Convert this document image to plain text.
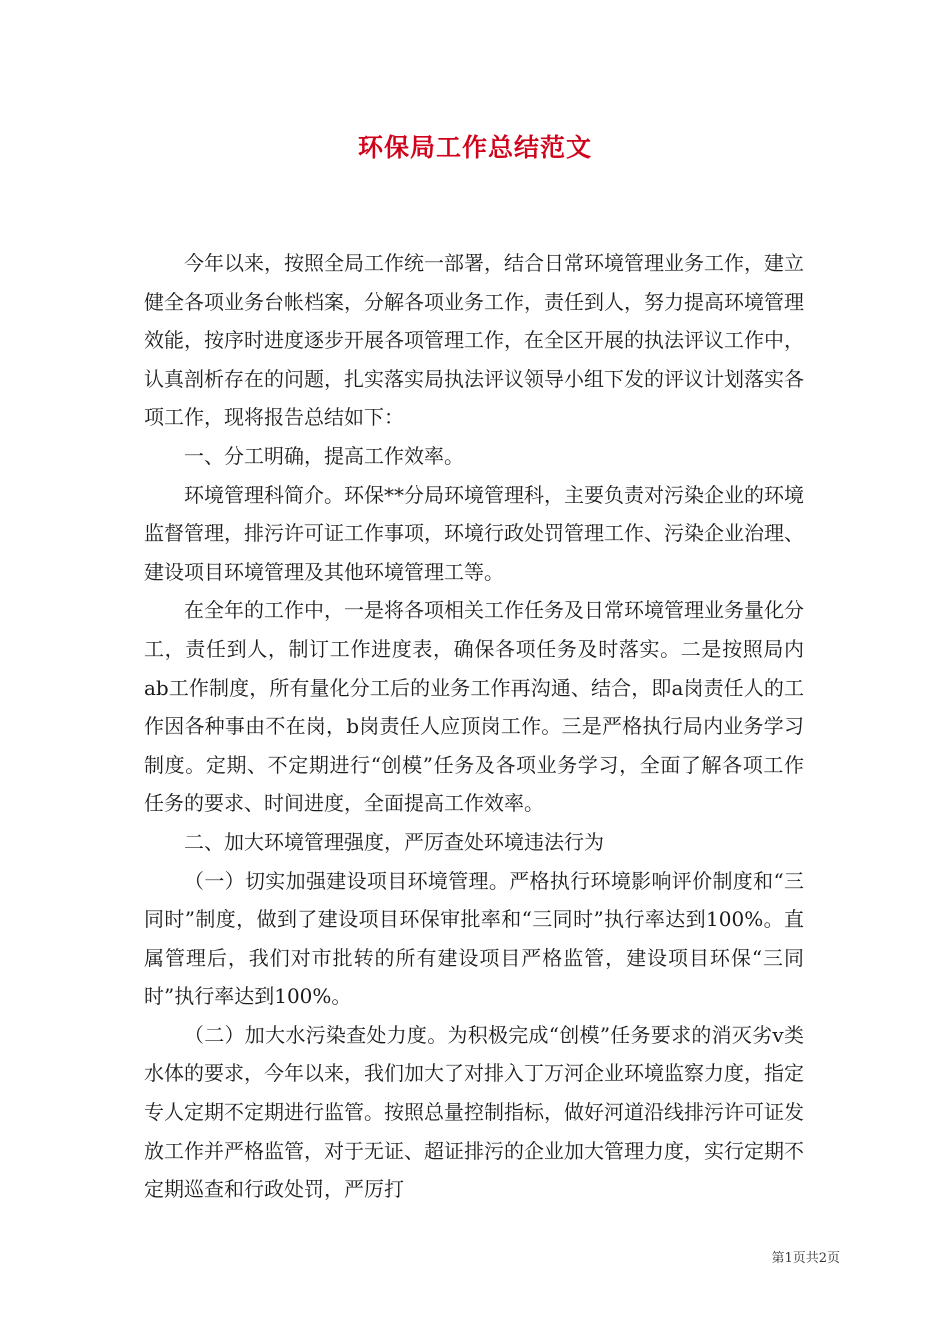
环保局工作总结范文

今年以来，按照全局工作统一部署，结合日常环境管理业务工作，建立健全各项业务台帐档案，分解各项业务工作，责任到人，努力提高环境管理效能，按序时进度逐步开展各项管理工作，在全区开展的执法评议工作中，认真剖析存在的问题，扎实落实局执法评议领导小组下发的评议计划落实各项工作，现将报告总结如下：

一、分工明确，提高工作效率。

环境管理科简介。环保**分局环境管理科，主要负责对污染企业的环境监督管理，排污许可证工作事项，环境行政处罚管理工作、污染企业治理、建设项目环境管理及其他环境管理工等。

在全年的工作中，一是将各项相关工作任务及日常环境管理业务量化分工，责任到人，制订工作进度表，确保各项任务及时落实。二是按照局内ab工作制度，所有量化分工后的业务工作再沟通、结合，即a岗责任人的工作因各种事由不在岗，b岗责任人应顶岗工作。三是严格执行局内业务学习制度。定期、不定期进行“创模”任务及各项业务学习，全面了解各项工作任务的要求、时间进度，全面提高工作效率。

二、加大环境管理强度，严厉查处环境违法行为

（一）切实加强建设项目环境管理。严格执行环境影响评价制度和“三同时”制度，做到了建设项目环保审批率和“三同时”执行率达到100%。直属管理后，我们对市批转的所有建设项目严格监管，建设项目环保“三同时”执行率达到100%。

（二）加大水污染查处力度。为积极完成“创模”任务要求的消灭劣v类水体的要求，今年以来，我们加大了对排入丁万河企业环境监察力度，指定专人定期不定期进行监管。按照总量控制指标，做好河道沿线排污许可证发放工作并严格监管，对于无证、超证排污的企业加大管理力度，实行定期不定期巡查和行政处罚，严厉打

第1页共2页
